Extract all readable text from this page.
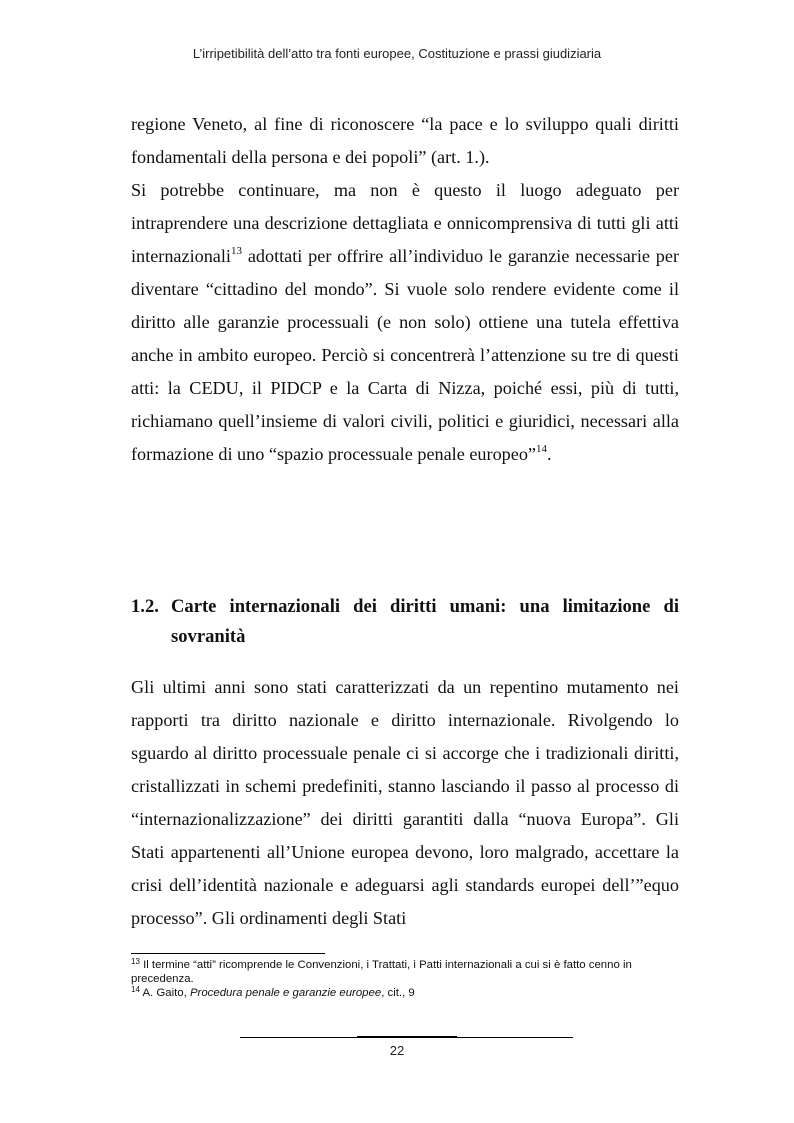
L’irripetibilità dell’atto tra fonti europee, Costituzione e prassi giudiziaria

regione Veneto, al fine di riconoscere “la pace e lo sviluppo quali diritti fondamentali della persona e dei popoli” (art. 1.).

Si potrebbe continuare, ma non è questo il luogo adeguato per intraprendere una descrizione dettagliata e onnicomprensiva di tutti gli atti internazionali$^{13}$ adottati per offrire all’individuo le garanzie necessarie per diventare “cittadino del mondo”. Si vuole solo rendere evidente come il diritto alle garanzie processuali (e non solo) ottiene una tutela effettiva anche in ambito europeo. Perciò si concentrerà l’attenzione su tre di questi atti: la CEDU, il PIDCP e la Carta di Nizza, poiché essi, più di tutti, richiamano quell’insieme di valori civili, politici e giuridici, necessari alla formazione di uno “spazio processuale penale europeo”$^{14}$.

1.2. Carte internazionali dei diritti umani: una limitazione di sovranità

Gli ultimi anni sono stati caratterizzati da un repentino mutamento nei rapporti tra diritto nazionale e diritto internazionale. Rivolgendo lo sguardo al diritto processuale penale ci si accorge che i tradizionali diritti, cristallizzati in schemi predefiniti, stanno lasciando il passo al processo di “internazionalizzazione” dei diritti garantiti dalla “nuova Europa”. Gli Stati appartenenti all’Unione europea devono, loro malgrado, accettare la crisi dell’identità nazionale e adeguarsi agli standards europei dell’”equo processo”. Gli ordinamenti degli Stati

$^{13}$ Il termine “atti” ricomprende le Convenzioni, i Trattati, i Patti internazionali a cui si è fatto cenno in precedenza.

$^{14}$ A. Gaito, Procedura penale e garanzie europee, cit., 9

22
